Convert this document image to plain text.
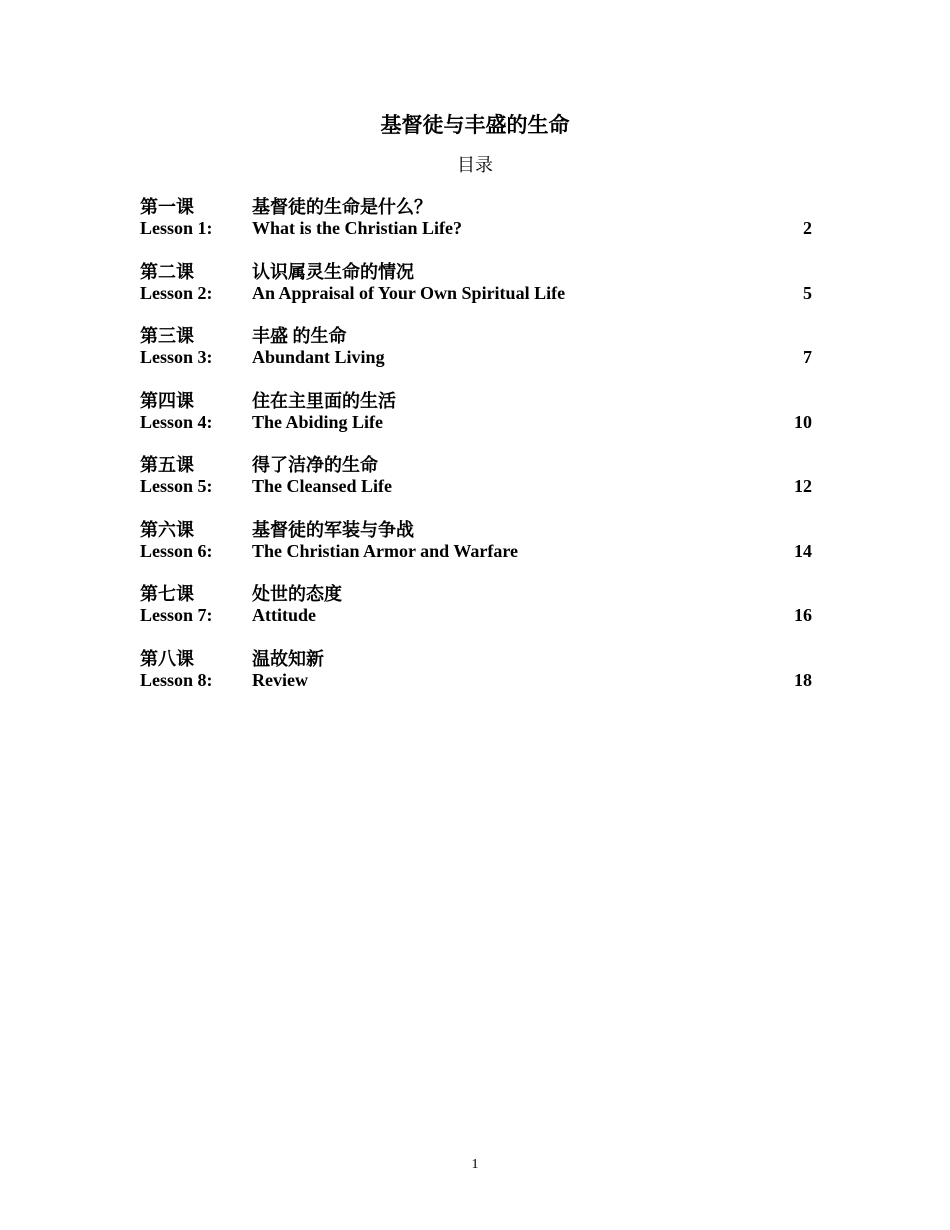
基督徒与丰盛的生命
目录
第一课	基督徒的生命是什么？
Lesson 1: What is the Christian Life?	2
第二课	认识属灵生命的情况
Lesson 2: An Appraisal of Your Own Spiritual Life	5
第三课	丰盛 的生命
Lesson 3: Abundant Living	7
第四课	住在主里面的生活
Lesson 4: The Abiding Life	10
第五课	得了洁净的生命
Lesson 5: The Cleansed Life	12
第六课	基督徒的军装与争战
Lesson 6: The Christian Armor and Warfare	14
第七课	处世的态度
Lesson 7: Attitude	16
第八课	温故知新
Lesson 8: Review	18
1
